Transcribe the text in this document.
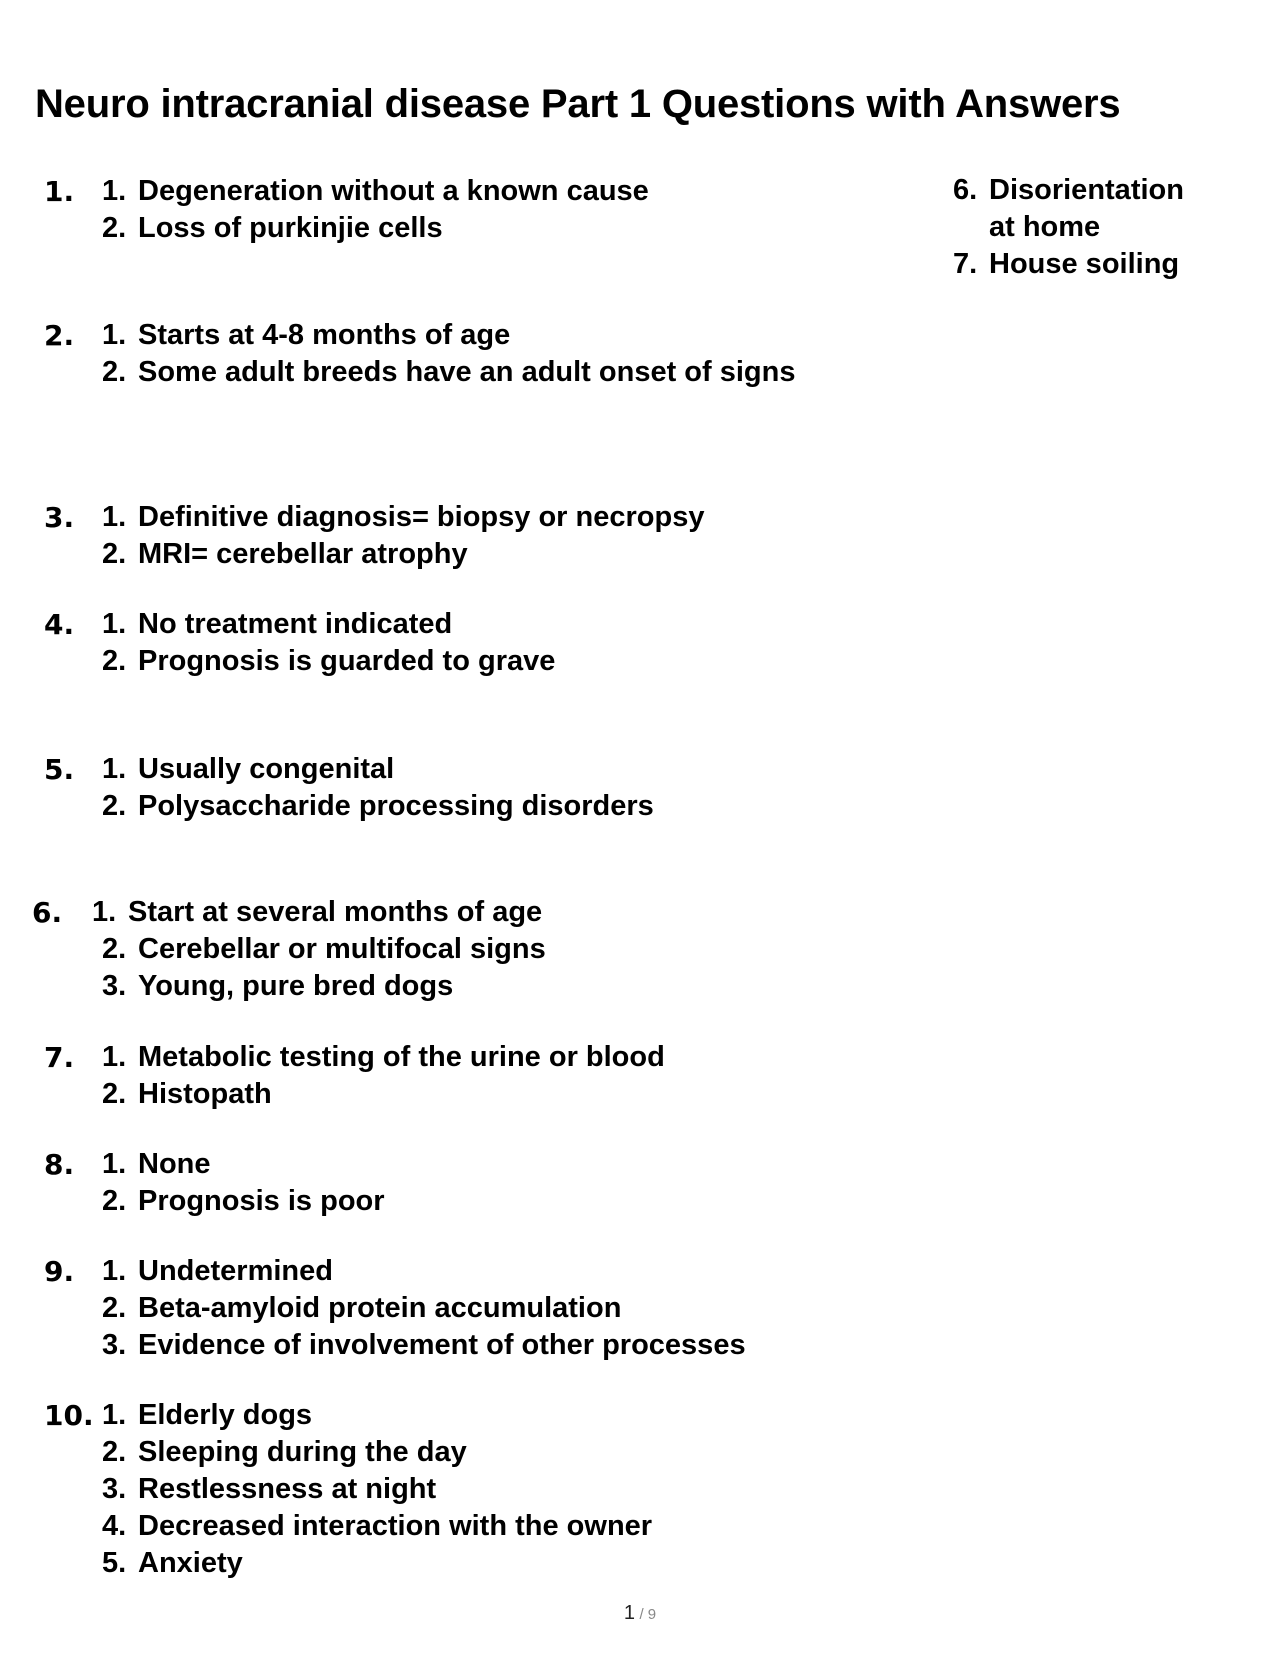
Neuro intracranial disease Part 1 Questions with Answers
1. 1. Degeneration without a known cause
2. Loss of purkinjie cells
2. 1. Starts at 4-8 months of age
2. Some adult breeds have an adult onset of signs
3. 1. Definitive diagnosis= biopsy or necropsy
2. MRI= cerebellar atrophy
4. 1. No treatment indicated
2. Prognosis is guarded to grave
5. 1. Usually congenital
2. Polysaccharide processing disorders
6. 1. Start at several months of age
2. Cerebellar or multifocal signs
3. Young, pure bred dogs
7. 1. Metabolic testing of the urine or blood
2. Histopath
8. 1. None
2. Prognosis is poor
9. 1. Undetermined
2. Beta-amyloid protein accumulation
3. Evidence of involvement of other processes
10. 1. Elderly dogs
2. Sleeping during the day
3. Restlessness at night
4. Decreased interaction with the owner
5. Anxiety
1 / 9
6. Disorientation at home
7. House soiling
